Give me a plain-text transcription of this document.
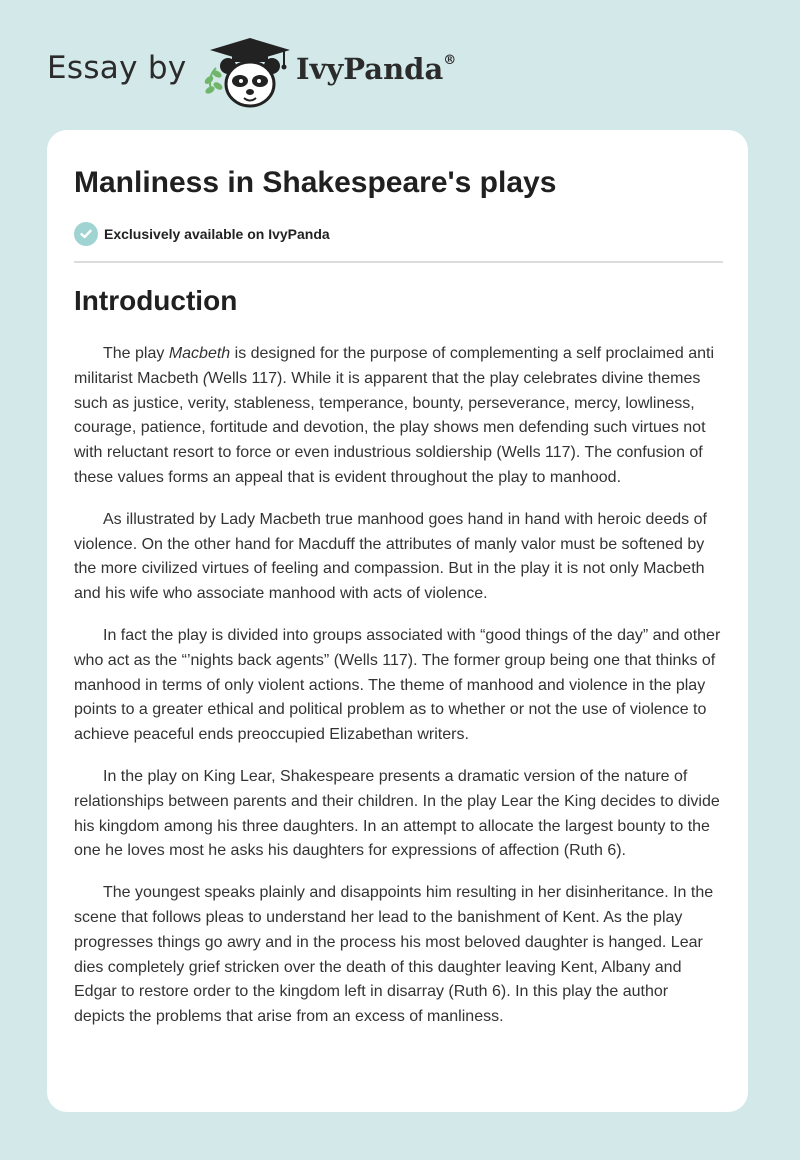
Essay by	IvyPanda®
Manliness in Shakespeare's plays
Exclusively available on IvyPanda
Introduction

The play Macbeth is designed for the purpose of complementing a self proclaimed anti militarist Macbeth (Wells 117). While it is apparent that the play celebrates divine themes such as justice, verity, stableness, temperance, bounty, perseverance, mercy, lowliness, courage, patience, fortitude and devotion, the play shows men defending such virtues not with reluctant resort to force or even industrious soldiership (Wells 117). The confusion of these values forms an appeal that is evident throughout the play to manhood.

As illustrated by Lady Macbeth true manhood goes hand in hand with heroic deeds of violence. On the other hand for Macduff the attributes of manly valor must be softened by the more civilized virtues of feeling and compassion. But in the play it is not only Macbeth and his wife who associate manhood with acts of violence.

In fact the play is divided into groups associated with “good things of the day” and other who act as the “’nights back agents” (Wells 117). The former group being one that thinks of manhood in terms of only violent actions. The theme of manhood and violence in the play points to a greater ethical and political problem as to whether or not the use of violence to achieve peaceful ends preoccupied Elizabethan writers.

In the play on King Lear, Shakespeare presents a dramatic version of the nature of relationships between parents and their children. In the play Lear the King decides to divide his kingdom among his three daughters. In an attempt to allocate the largest bounty to the one he loves most he asks his daughters for expressions of affection (Ruth 6).

The youngest speaks plainly and disappoints him resulting in her disinheritance. In the scene that follows pleas to understand her lead to the banishment of Kent. As the play progresses things go awry and in the process his most beloved daughter is hanged. Lear dies completely grief stricken over the death of this daughter leaving Kent, Albany and Edgar to restore order to the kingdom left in disarray (Ruth 6). In this play the author depicts the problems that arise from an excess of manliness.
